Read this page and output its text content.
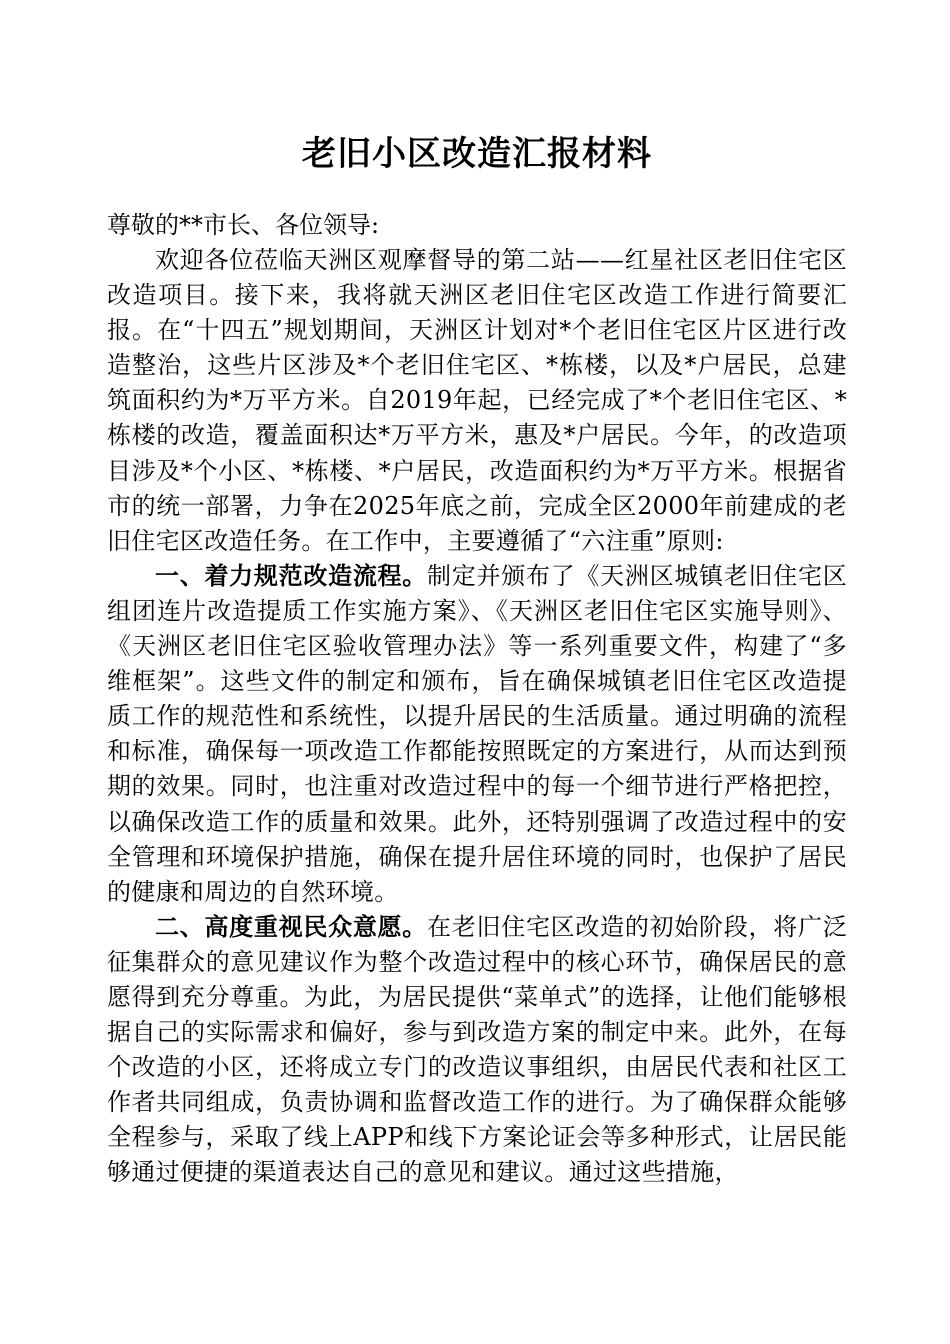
老旧小区改造汇报材料

尊敬的**市长、各位领导:

欢迎各位莅临天洲区观摩督导的第二站——红星社区老旧住宅区改造项目。接下来，我将就天洲区老旧住宅区改造工作进行简要汇报。在“十四五”规划期间，天洲区计划对*个老旧住宅区片区进行改造整治，这些片区涉及*个老旧住宅区、*栋楼，以及*户居民，总建筑面积约为*万平方米。自2019年起，已经完成了*个老旧住宅区、*栋楼的改造，覆盖面积达*万平方米，惠及*户居民。今年，的改造项目涉及*个小区、*栋楼、*户居民，改造面积约为*万平方米。根据省市的统一部署，力争在2025年底之前，完成全区2000年前建成的老旧住宅区改造任务。在工作中，主要遵循了“六注重”原则:

一、着力规范改造流程。制定并颁布了《天洲区城镇老旧住宅区组团连片改造提质工作实施方案》、《天洲区老旧住宅区实施导则》、《天洲区老旧住宅区验收管理办法》等一系列重要文件，构建了“多维框架”。这些文件的制定和颁布，旨在确保城镇老旧住宅区改造提质工作的规范性和系统性，以提升居民的生活质量。通过明确的流程和标准，确保每一项改造工作都能按照既定的方案进行，从而达到预期的效果。同时，也注重对改造过程中的每一个细节进行严格把控，以确保改造工作的质量和效果。此外，还特别强调了改造过程中的安全管理和环境保护措施，确保在提升居住环境的同时，也保护了居民的健康和周边的自然环境。

二、高度重视民众意愿。在老旧住宅区改造的初始阶段，将广泛征集群众的意见建议作为整个改造过程中的核心环节，确保居民的意愿得到充分尊重。为此，为居民提供“菜单式”的选择，让他们能够根据自己的实际需求和偏好，参与到改造方案的制定中来。此外，在每个改造的小区，还将成立专门的改造议事组织，由居民代表和社区工作者共同组成，负责协调和监督改造工作的进行。为了确保群众能够全程参与，采取了线上APP和线下方案论证会等多种形式，让居民能够通过便捷的渠道表达自己的意见和建议。通过这些措施，
